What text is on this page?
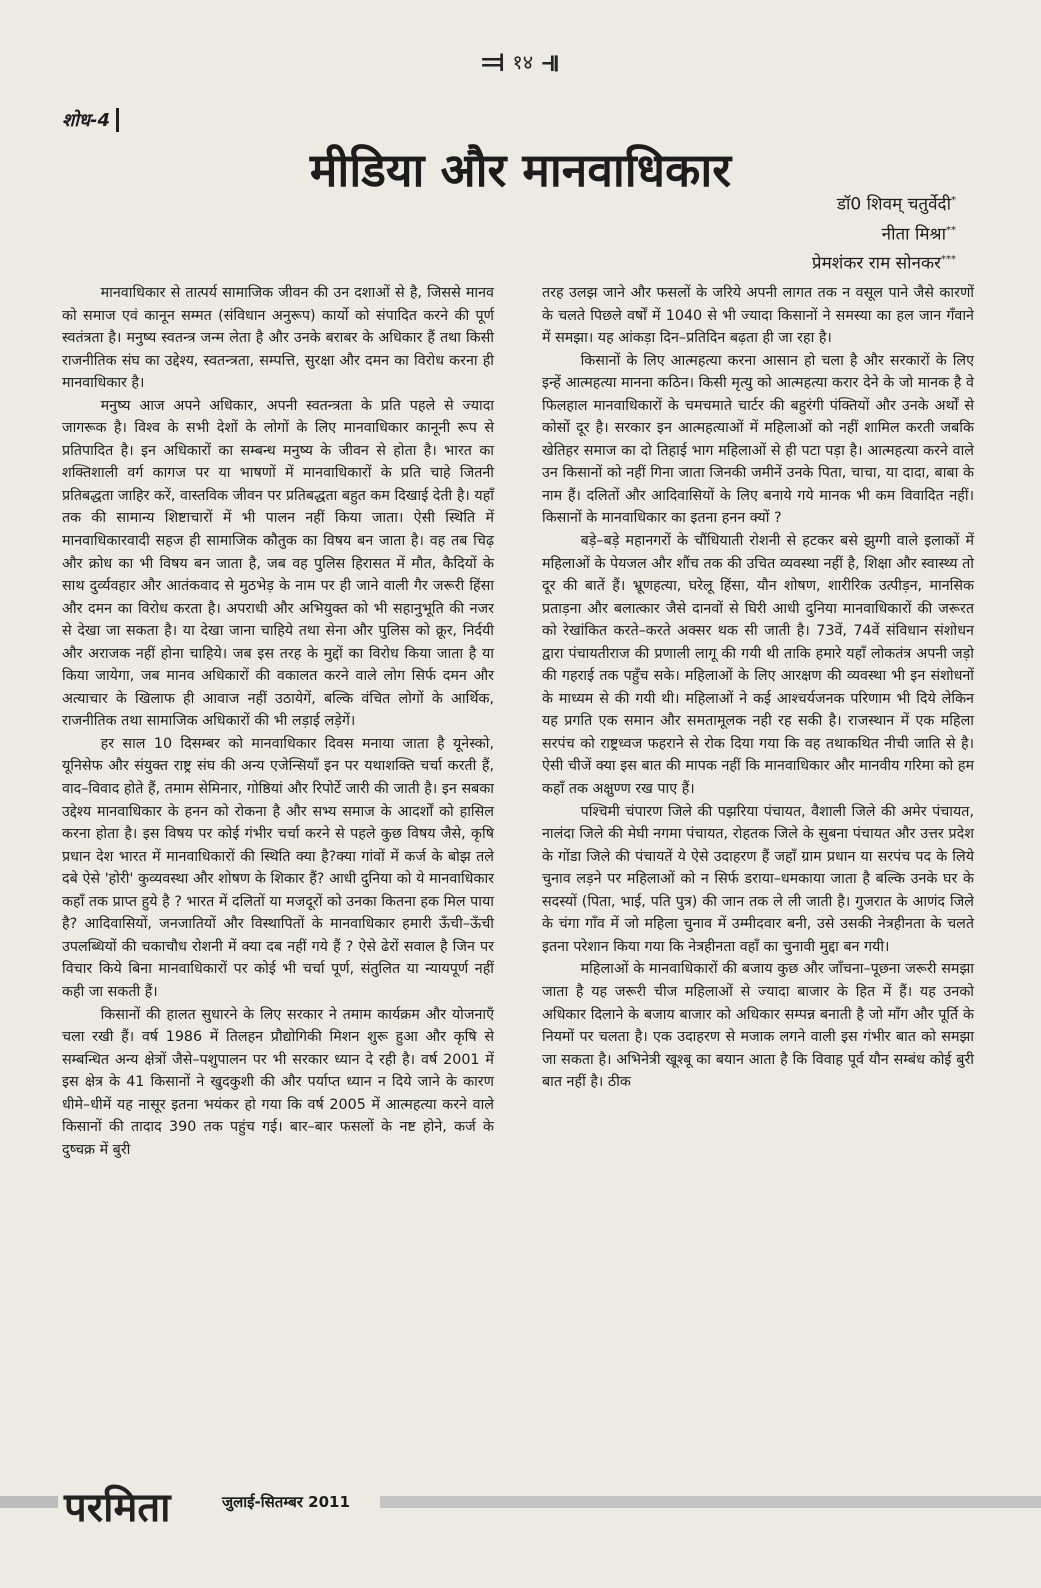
⫤ १४ ⫣
शोध-4
मीडिया और मानवाधिकार
डॉ0 शिवम् चतुर्वेदी*
नीता मिश्रा**
प्रेमशंकर राम सोनकर***

मानवाधिकार से तात्पर्य सामाजिक जीवन की उन दशाओं से है, जिससे मानव को समाज एवं कानून सम्मत (संविधान अनुरूप) कार्यो को संपादित करने की पूर्ण स्वतंत्रता है। मनुष्य स्वतन्त्र जन्म लेता है और उनके बराबर के अधिकार हैं तथा किसी राजनीतिक संघ का उद्देश्य, स्वतन्त्रता, सम्पत्ति, सुरक्षा और दमन का विरोध करना ही मानवाधिकार है।

मनुष्य आज अपने अधिकार, अपनी स्वतन्त्रता के प्रति पहले से ज्यादा जागरूक है। विश्व के सभी देशों के लोगों के लिए मानवाधिकार कानूनी रूप से प्रतिपादित है। इन अधिकारों का सम्बन्ध मनुष्य के जीवन से होता है। भारत का शक्तिशाली वर्ग कागज पर या भाषणों में मानवाधिकारों के प्रति चाहे जितनी प्रतिबद्धता जाहिर करें, वास्तविक जीवन पर प्रतिबद्धता बहुत कम दिखाई देती है। यहाँ तक की सामान्य शिष्टाचारों में भी पालन नहीं किया जाता। ऐसी स्थिति में मानवाधिकारवादी सहज ही सामाजिक कौतुक का विषय बन जाता है। वह तब चिढ़ और क्रोध का भी विषय बन जाता है, जब वह पुलिस हिरासत में मौत, कैदियों के साथ दुर्व्यवहार और आतंकवाद से मुठभेड़ के नाम पर ही जाने वाली गैर जरूरी हिंसा और दमन का विरोध करता है। अपराधी और अभियुक्त को भी सहानुभूति की नजर से देखा जा सकता है। या देखा जाना चाहिये तथा सेना और पुलिस को क्रूर, निर्दयी और अराजक नहीं होना चाहिये। जब इस तरह के मुद्दों का विरोध किया जाता है या किया जायेगा, जब मानव अधिकारों की वकालत करने वाले लोग सिर्फ दमन और अत्याचार के खिलाफ ही आवाज नहीं उठायेगें, बल्कि वंचित लोगों के आर्थिक, राजनीतिक तथा सामाजिक अधिकारों की भी लड़ाई लड़ेगें।

हर साल 10 दिसम्बर को मानवाधिकार दिवस मनाया जाता है यूनेस्को, यूनिसेफ और संयुक्त राष्ट्र संघ की अन्य एजेन्सियाँ इन पर यथाशक्ति चर्चा करती हैं, वाद–विवाद होते हैं, तमाम सेमिनार, गोष्ठियां और रिपोर्टे जारी की जाती है। इन सबका उद्देश्य मानवाधिकार के हनन को रोकना है और सभ्य समाज के आदर्शों को हासिल करना होता है। इस विषय पर कोई गंभीर चर्चा करने से पहले कुछ विषय जैसे, कृषि प्रधान देश भारत में मानवाधिकारों की स्थिति क्या है?क्या गांवों में कर्ज के बोझ तले दबे ऐसे 'होरी' कुव्यवस्था और शोषण के शिकार हैं? आधी दुनिया को ये मानवाधिकार कहाँ तक प्राप्त हुये है ? भारत में दलितों या मजदूरों को उनका कितना हक मिल पाया है? आदिवासियों, जनजातियों और विस्थापितों के मानवाधिकार हमारी ऊँची–ऊँची उपलब्धियों की चकाचौध रोशनी में क्या दब नहीं गये हैं ? ऐसे ढेरों सवाल है जिन पर विचार किये बिना मानवाधिकारों पर कोई भी चर्चा पूर्ण, संतुलित या न्यायपूर्ण नहीं कही जा सकती हैं।

किसानों की हालत सुधारने के लिए सरकार ने तमाम कार्यक्रम और योजनाएँ चला रखी हैं। वर्ष 1986 में तिलहन प्रौद्योगिकी मिशन शुरू हुआ और कृषि से सम्बन्धित अन्य क्षेत्रों जैसे–पशुपालन पर भी सरकार ध्यान दे रही है। वर्ष 2001 में इस क्षेत्र के 41 किसानों ने खुदकुशी की और पर्याप्त ध्यान न दिये जाने के कारण धीमे–धीमें यह नासूर इतना भयंकर हो गया कि वर्ष 2005 में आत्महत्या करने वाले किसानों की तादाद 390 तक पहुंच गई। बार–बार फसलों के नष्ट होने, कर्ज के दुष्चक्र में बुरी

तरह उलझ जाने और फसलों के जरिये अपनी लागत तक न वसूल पाने जैसे कारणों के चलते पिछले वर्षों में 1040 से भी ज्यादा किसानों ने समस्या का हल जान गँवाने में समझा। यह आंकड़ा दिन–प्रतिदिन बढ़ता ही जा रहा है।

किसानों के लिए आत्महत्या करना आसान हो चला है और सरकारों के लिए इन्हें आत्महत्या मानना कठिन। किसी मृत्यु को आत्महत्या करार देने के जो मानक है वे फिलहाल मानवाधिकारों के चमचमाते चार्टर की बहुरंगी पंक्तियों और उनके अर्थों से कोसों दूर है। सरकार इन आत्महत्याओं में महिलाओं को नहीं शामिल करती जबकि खेतिहर समाज का दो तिहाई भाग महिलाओं से ही पटा पड़ा है। आत्महत्या करने वाले उन किसानों को नहीं गिना जाता जिनकी जमीनें उनके पिता, चाचा, या दादा, बाबा के नाम हैं। दलितों और आदिवासियों के लिए बनाये गये मानक भी कम विवादित नहीं। किसानों के मानवाधिकार का इतना हनन क्यों ?

बड़े–बड़े महानगरों के चौंधियाती रोशनी से हटकर बसे झुग्गी वाले इलाकों में महिलाओं के पेयजल और शौंच तक की उचित व्यवस्था नहीं है, शिक्षा और स्वास्थ्य तो दूर की बातें हैं। भ्रूणहत्या, घरेलू हिंसा, यौन शोषण, शारीरिक उत्पीड़न, मानसिक प्रताड़ना और बलात्कार जैसे दानवों से घिरी आधी दुनिया मानवाधिकारों की जरूरत को रेखांकित करते–करते अक्सर थक सी जाती है। 73वें, 74वें संविधान संशोधन द्वारा पंचायतीराज की प्रणाली लागू की गयी थी ताकि हमारे यहाँ लोकतंत्र अपनी जड़ो की गहराई तक पहुँच सके। महिलाओं के लिए आरक्षण की व्यवस्था भी इन संशोधनों के माध्यम से की गयी थी। महिलाओं ने कई आश्चर्यजनक परिणाम भी दिये लेकिन यह प्रगति एक समान और समतामूलक नही रह सकी है। राजस्थान में एक महिला सरपंच को राष्ट्रध्वज फहराने से रोक दिया गया कि वह तथाकथित नीची जाति से है। ऐसी चीजें क्या इस बात की मापक नहीं कि मानवाधिकार और मानवीय गरिमा को हम कहाँ तक अक्षुण्ण रख पाए हैं।

पश्चिमी चंपारण जिले की पझरिया पंचायत, वैशाली जिले की अमेर पंचायत, नालंदा जिले की मेघी नगमा पंचायत, रोहतक जिले के सुबना पंचायत और उत्तर प्रदेश के गोंडा जिले की पंचायतें ये ऐसे उदाहरण हैं जहाँ ग्राम प्रधान या सरपंच पद के लिये चुनाव लड़ने पर महिलाओं को न सिर्फ डराया–धमकाया जाता है बल्कि उनके घर के सदस्यों (पिता, भाई, पति पुत्र) की जान तक ले ली जाती है। गुजरात के आणंद जिले के चंगा गाँव में जो महिला चुनाव में उम्मीदवार बनी, उसे उसकी नेत्रहीनता के चलते इतना परेशान किया गया कि नेत्रहीनता वहाँ का चुनावी मुद्दा बन गयी।

महिलाओं के मानवाधिकारों की बजाय कुछ और जाँचना–पूछना जरूरी समझा जाता है यह जरूरी चीज महिलाओं से ज्यादा बाजार के हित में हैं। यह उनको अधिकार दिलाने के बजाय बाजार को अधिकार सम्पन्न बनाती है जो माँग और पूर्ति के नियमों पर चलता है। एक उदाहरण से मजाक लगने वाली इस गंभीर बात को समझा जा सकता है। अभिनेत्री खूश्बू का बयान आता है कि विवाह पूर्व यौन सम्बंध कोई बुरी बात नहीं है। ठीक

परमिता	जुलाई-सितम्बर 2011
